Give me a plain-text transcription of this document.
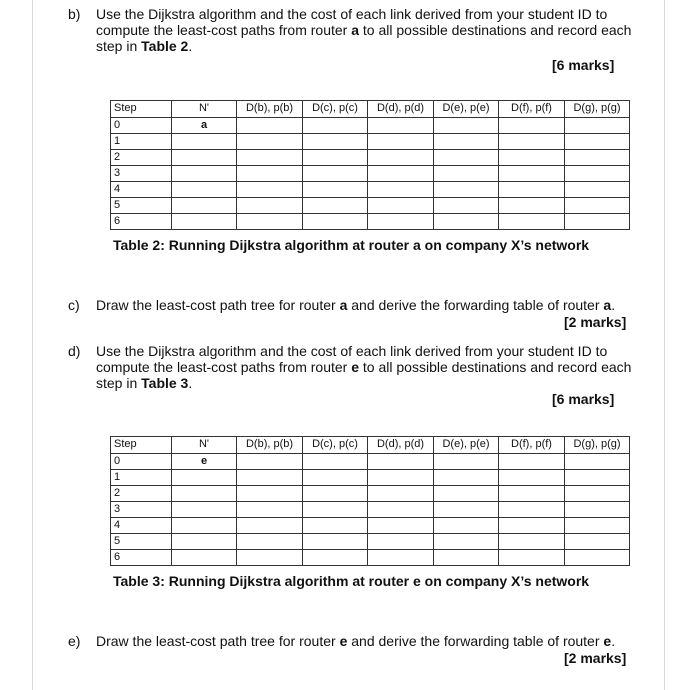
b) Use the Dijkstra algorithm and the cost of each link derived from your student ID to
compute the least-cost paths from router a to all possible destinations and record each
step in Table 2.
[6 marks]
Step	N'	D(b), p(b)	D(c), p(c)	D(d), p(d)	D(e), p(e)	D(f), p(f)	D(g), p(g)
0	a						
1							
2							
3							
4							
5							
6							
Table 2: Running Dijkstra algorithm at router a on company X’s network
c) Draw the least-cost path tree for router a and derive the forwarding table of router a.
[2 marks]
d) Use the Dijkstra algorithm and the cost of each link derived from your student ID to
compute the least-cost paths from router e to all possible destinations and record each
step in Table 3.
[6 marks]
Step	N'	D(b), p(b)	D(c), p(c)	D(d), p(d)	D(e), p(e)	D(f), p(f)	D(g), p(g)
0	e						
1							
2							
3							
4							
5							
6							
Table 3: Running Dijkstra algorithm at router e on company X’s network
e) Draw the least-cost path tree for router e and derive the forwarding table of router e.
[2 marks]
